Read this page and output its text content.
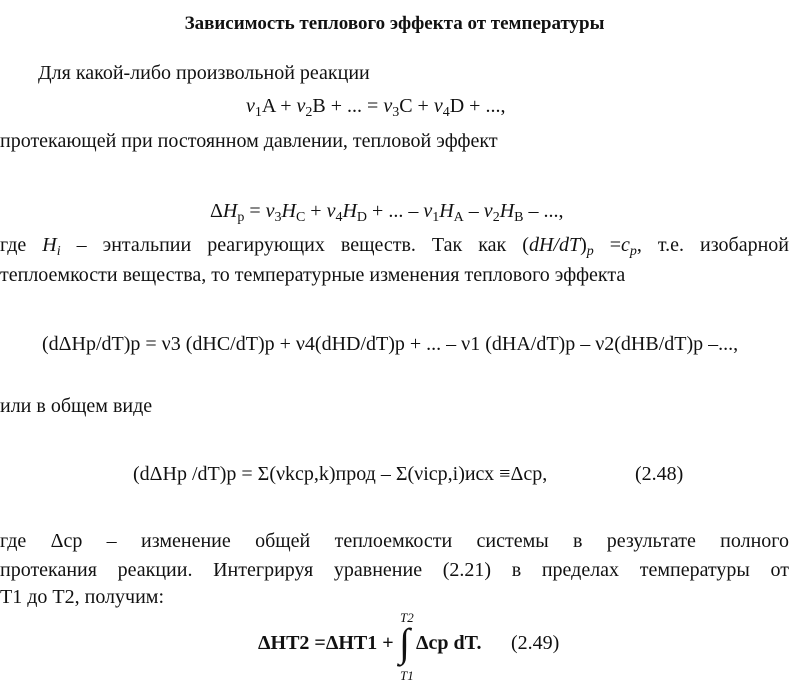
Зависимость теплового эффекта от температуры
Для какой-либо произвольной реакции
$\nu_1A + \nu_2B$ + ... = $\nu_3C + \nu_4D$ + ...,
протекающей при постоянном давлении, тепловой эффект
$\Delta H_p = \nu_3H_C + \nu_4H_D$ + ... – $\nu_1H_A - \nu_2H_B$ – ...,
где $H_i$ – энтальпии реагирующих веществ. Так как $(dH/dT)_p =c_p$, т.е. изобарной
теплоемкости вещества, то температурные изменения теплового эффекта
(dΔHp/dT)p = ν3 (dHC/dT)p + ν4(dHD/dT)p + ... – ν1 (dHA/dT)p – ν2(dHB/dT)p –...,
или в общем виде
(dΔHp /dT)p = Σ(νkcp,k)прод – Σ(νicp,i)исх ≡Δcp,	(2.48)
где Δcp – изменение общей теплоемкости системы в результате полного
протекания реакции. Интегрируя уравнение (2.21) в пределах температуры от
T1 до T2, получим:
ΔHT2 =ΔHT1 +
T2
∫
T1
Δcp dT. (2.49)
